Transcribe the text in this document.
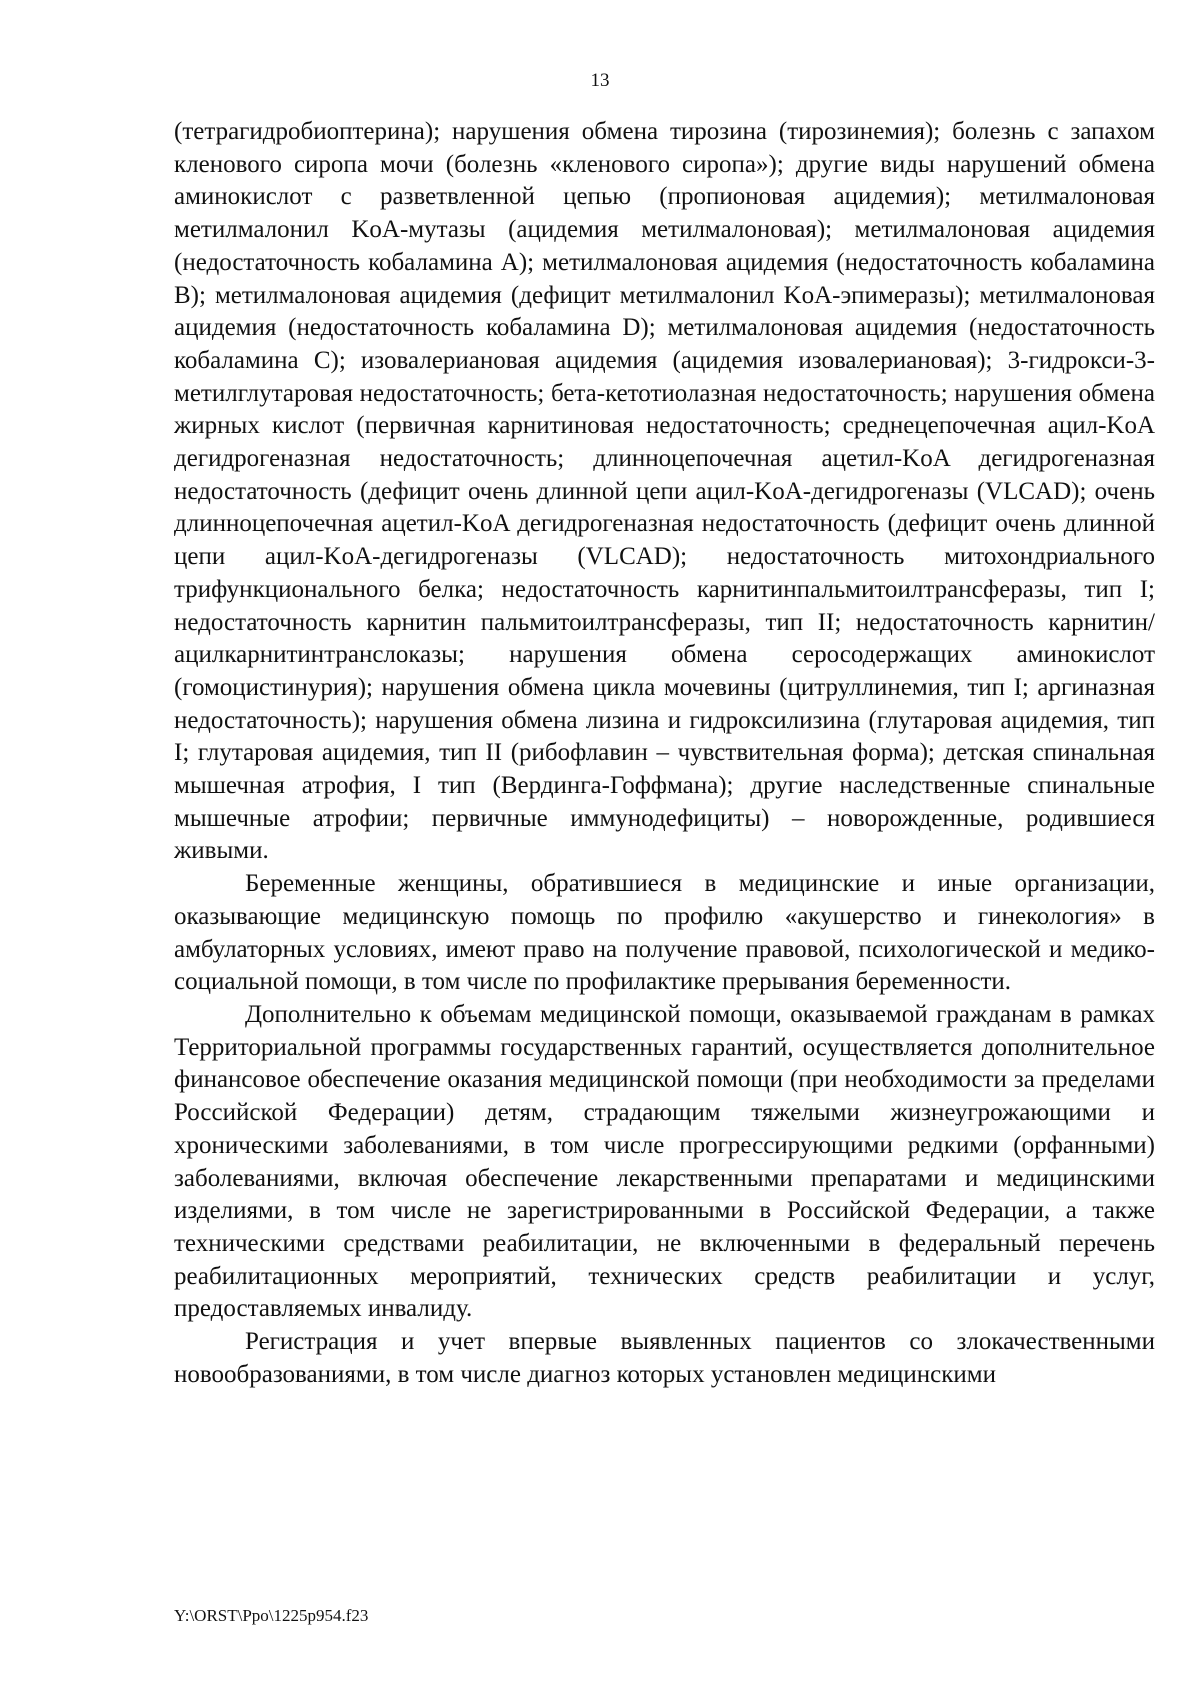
13

(тетрагидробиоптерина); нарушения обмена тирозина (тирозинемия); болезнь с запахом кленового сиропа мочи (болезнь «кленового сиропа»); другие виды нарушений обмена аминокислот с разветвленной цепью (пропионовая ацидемия); метилмалоновая метилмалонил KoA-мутазы (ацидемия метилмалоновая); метилмалоновая ацидемия (недостаточность кобаламина A); метилмалоновая ацидемия (недостаточность кобаламина B); метилмалоновая ацидемия (дефицит метилмалонил KoA-эпимеразы); метилмалоновая ацидемия (недостаточность кобаламина D); метилмалоновая ацидемия (недостаточность кобаламина C); изовалериановая ацидемия (ацидемия изовалериановая); 3-гидрокси-3-метилглутаровая недостаточность; бета-кетотиолазная недостаточность; нарушения обмена жирных кислот (первичная карнитиновая недостаточность; среднецепочечная ацил-KoA дегидрогеназная недостаточность; длинноцепочечная ацетил-KoA дегидрогеназная недостаточность (дефицит очень длинной цепи ацил-KoA-дегидрогеназы (VLCAD); очень длинноцепочечная ацетил-KoA дегидрогеназная недостаточность (дефицит очень длинной цепи ацил-KoA-дегидрогеназы (VLCAD); недостаточность митохондриального трифункционального белка; недостаточность карнитинпальмитоилтрансферазы, тип I; недостаточность карнитин пальмитоилтрансферазы, тип II; недостаточность карнитин/ацилкарнитинтранслоказы; нарушения обмена серосодержащих аминокислот (гомоцистинурия); нарушения обмена цикла мочевины (цитруллинемия, тип I; аргиназная недостаточность); нарушения обмена лизина и гидроксилизина (глутаровая ацидемия, тип I; глутаровая ацидемия, тип II (рибофлавин – чувствительная форма); детская спинальная мышечная атрофия, I тип (Вердинга-Гоффмана); другие наследственные спинальные мышечные атрофии; первичные иммунодефициты) – новорожденные, родившиеся живыми.

Беременные женщины, обратившиеся в медицинские и иные организации, оказывающие медицинскую помощь по профилю «акушерство и гинекология» в амбулаторных условиях, имеют право на получение правовой, психологической и медико-социальной помощи, в том числе по профилактике прерывания беременности.

Дополнительно к объемам медицинской помощи, оказываемой гражданам в рамках Территориальной программы государственных гарантий, осуществляется дополнительное финансовое обеспечение оказания медицинской помощи (при необходимости за пределами Российской Федерации) детям, страдающим тяжелыми жизнеугрожающими и хроническими заболеваниями, в том числе прогрессирующими редкими (орфанными) заболеваниями, включая обеспечение лекарственными препаратами и медицинскими изделиями, в том числе не зарегистрированными в Российской Федерации, а также техническими средствами реабилитации, не включенными в федеральный перечень реабилитационных мероприятий, технических средств реабилитации и услуг, предоставляемых инвалиду.

Регистрация и учет впервые выявленных пациентов со злокачественными новообразованиями, в том числе диагноз которых установлен медицинскими

Y:\ORST\Ppo\1225p954.f23
